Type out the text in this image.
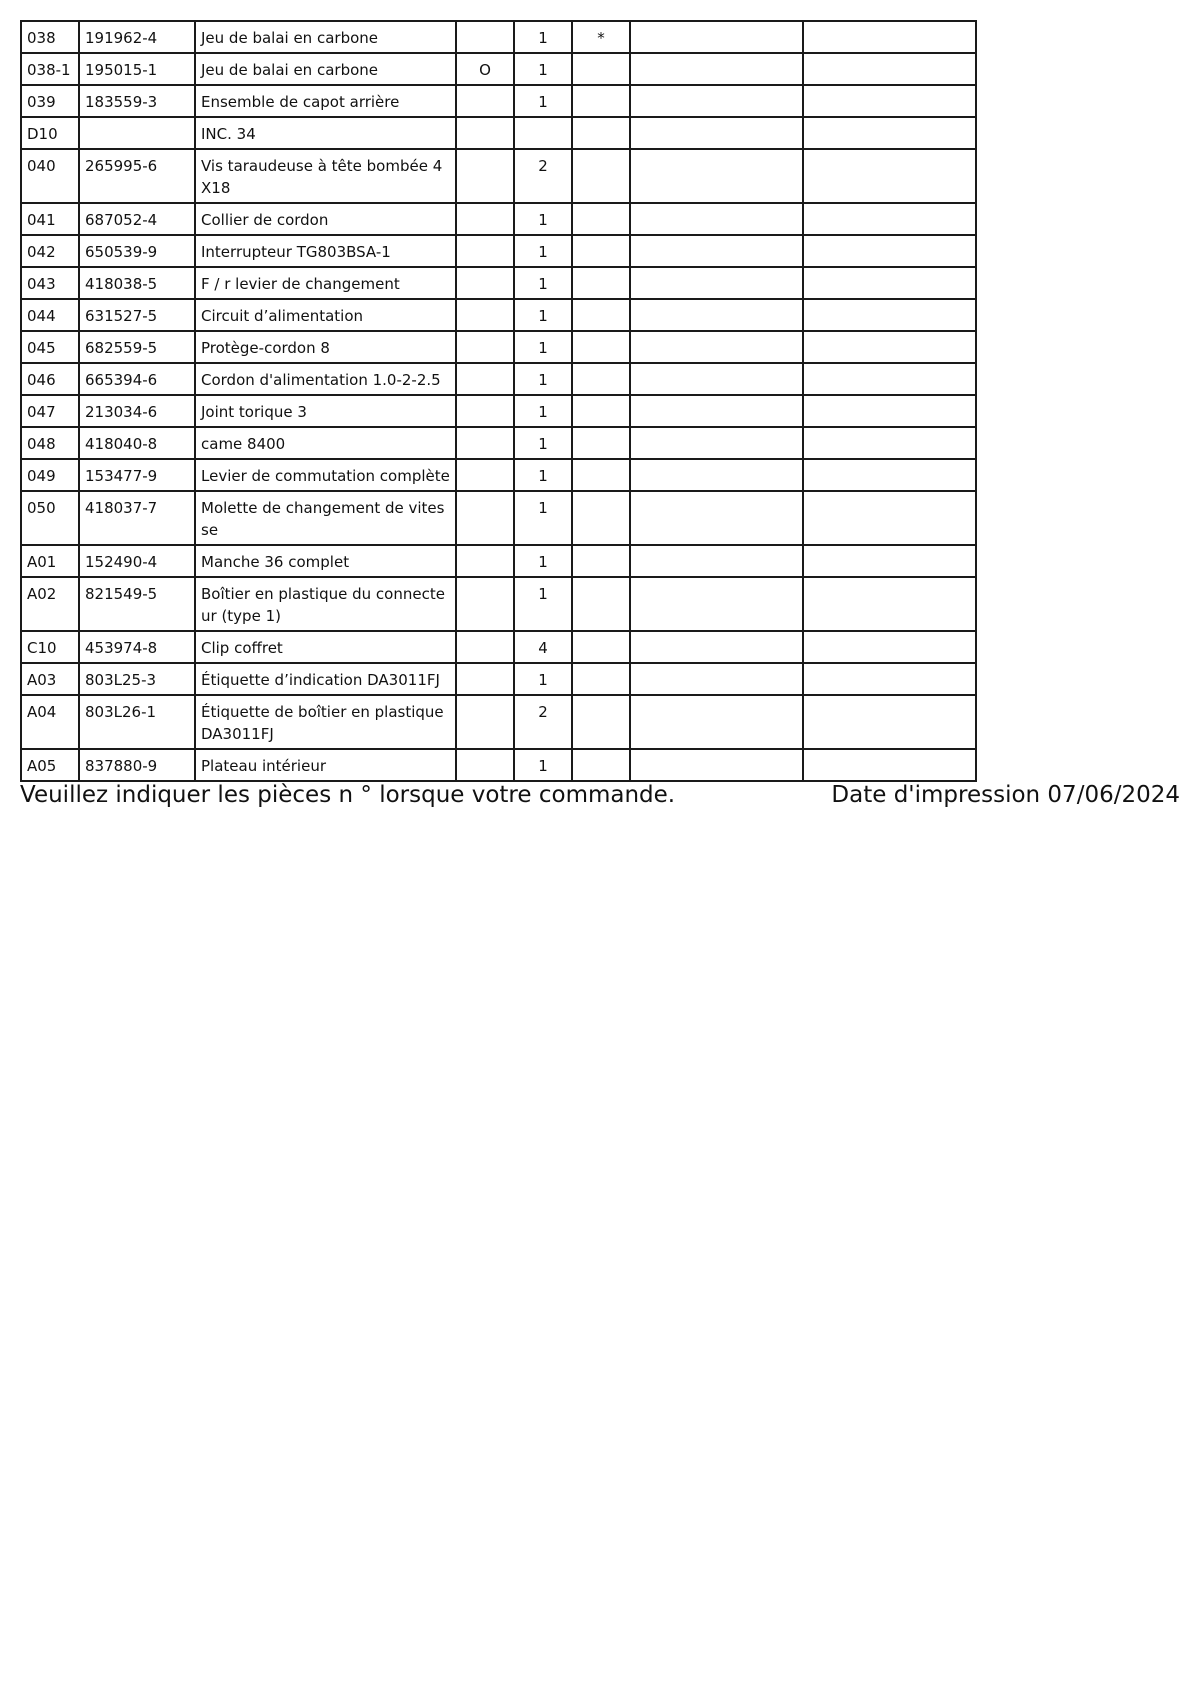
038	191962-4	Jeu de balai en carbone		1	*		
038-1	195015-1	Jeu de balai en carbone	O	1			
039	183559-3	Ensemble de capot arrière		1			
D10		INC. 34					
040	265995-6	Vis taraudeuse à tête bombée 4X18		2			
041	687052-4	Collier de cordon		1			
042	650539-9	Interrupteur TG803BSA-1		1			
043	418038-5	F / r levier de changement		1			
044	631527-5	Circuit d’alimentation		1			
045	682559-5	Protège-cordon 8		1			
046	665394-6	Cordon d'alimentation 1.0-2-2.5		1			
047	213034-6	Joint torique 3		1			
048	418040-8	came 8400		1			
049	153477-9	Levier de commutation complète		1			
050	418037-7	Molette de changement de vitesse		1			
A01	152490-4	Manche 36 complet		1			
A02	821549-5	Boîtier en plastique du connecteur (type 1)		1			
C10	453974-8	Clip coffret		4			
A03	803L25-3	Étiquette d’indication DA3011FJ		1			
A04	803L26-1	Étiquette de boîtier en plastique DA3011FJ		2			
A05	837880-9	Plateau intérieur		1			
Veuillez indiquer les pièces n ° lorsque votre commande.	Date d'impression 07/06/2024
